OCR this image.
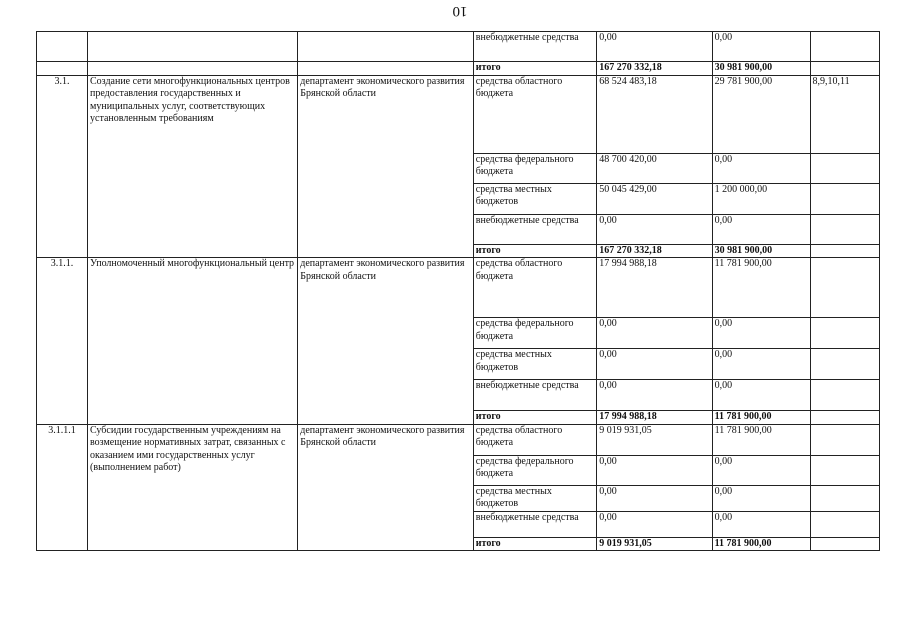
10
			внебюджетные средства	0,00	0,00	
			итого	167 270 332,18	30 981 900,00	
3.1.	Создание сети многофункциональных центров предоставления государственных и муниципальных услуг, соответствующих установленным требованиям	департамент экономического развития Брянской области	средства областного бюджета	68 524 483,18	29 781 900,00	8,9,10,11
			средства федерального бюджета	48 700 420,00	0,00	
			средства местных бюджетов	50 045 429,00	1 200 000,00	
			внебюджетные средства	0,00	0,00	
			итого	167 270 332,18	30 981 900,00	
3.1.1.	Уполномоченный многофункциональный центр	департамент экономического развития Брянской области	средства областного бюджета	17 994 988,18	11 781 900,00	
			средства федерального бюджета	0,00	0,00	
			средства местных бюджетов	0,00	0,00	
			внебюджетные средства	0,00	0,00	
			итого	17 994 988,18	11 781 900,00	
3.1.1.1	Субсидии государственным учреждениям на возмещение нормативных затрат, связанных с оказанием ими государственных услуг (выполнением работ)	департамент экономического развития Брянской области	средства областного бюджета	9 019 931,05	11 781 900,00	
			средства федерального бюджета	0,00	0,00	
			средства местных бюджетов	0,00	0,00	
			внебюджетные средства	0,00	0,00	
			итого	9 019 931,05	11 781 900,00	
